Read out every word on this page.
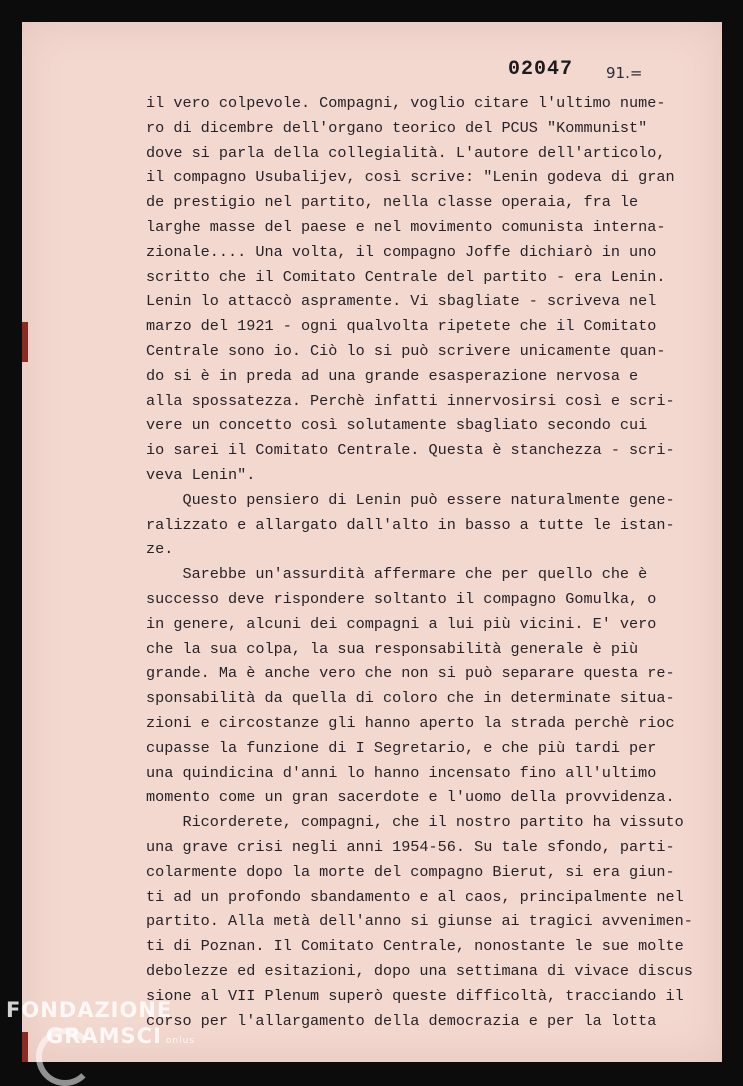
02047 91.=
il vero colpevole. Compagni, voglio citare l'ultimo nume-
ro di dicembre dell'organo teorico del PCUS "Kommunist"
dove si parla della collegialità. L'autore dell'articolo,
il compagno Usubalijev, così scrive: "Lenin godeva di gran
de prestigio nel partito, nella classe operaia, fra le
larghe masse del paese e nel movimento comunista interna-
zionale.... Una volta, il compagno Joffe dichiarò in uno
scritto che il Comitato Centrale del partito - era Lenin.
Lenin lo attaccò aspramente. Vi sbagliate - scriveva nel
marzo del 1921 - ogni qualvolta ripetete che il Comitato
Centrale sono io. Ciò lo si può scrivere unicamente quan-
do si è in preda ad una grande esasperazione nervosa e
alla spossatezza. Perchè infatti innervosirsi così e scri-
vere un concetto così solutamente sbagliato secondo cui
io sarei il Comitato Centrale. Questa è stanchezza - scri-
veva Lenin".
Questo pensiero di Lenin può essere naturalmente gene-
ralizzato e allargato dall'alto in basso a tutte le istan-
ze.
Sarebbe un'assurdità affermare che per quello che è
successo deve rispondere soltanto il compagno Gomulka, o
in genere, alcuni dei compagni a lui più vicini. E' vero
che la sua colpa, la sua responsabilità generale è più
grande. Ma è anche vero che non si può separare questa re-
sponsabilità da quella di coloro che in determinate situa-
zioni e circostanze gli hanno aperto la strada perchè rioc
cupasse la funzione di I Segretario, e che più tardi per
una quindicina d'anni lo hanno incensato fino all'ultimo
momento come un gran sacerdote e l'uomo della provvidenza.
Ricorderete, compagni, che il nostro partito ha vissuto
una grave crisi negli anni 1954-56. Su tale sfondo, parti-
colarmente dopo la morte del compagno Bierut, si era giun-
ti ad un profondo sbandamento e al caos, principalmente nel
partito. Alla metà dell'anno si giunse ai tragici avvenimen-
ti di Poznan. Il Comitato Centrale, nonostante le sue molte
debolezze ed esitazioni, dopo una settimana di vivace discus
sione al VII Plenum superò queste difficoltà, tracciando il
corso per l'allargamento della democrazia e per la lotta
FONDAZIONE
GRAMSCI onlus
